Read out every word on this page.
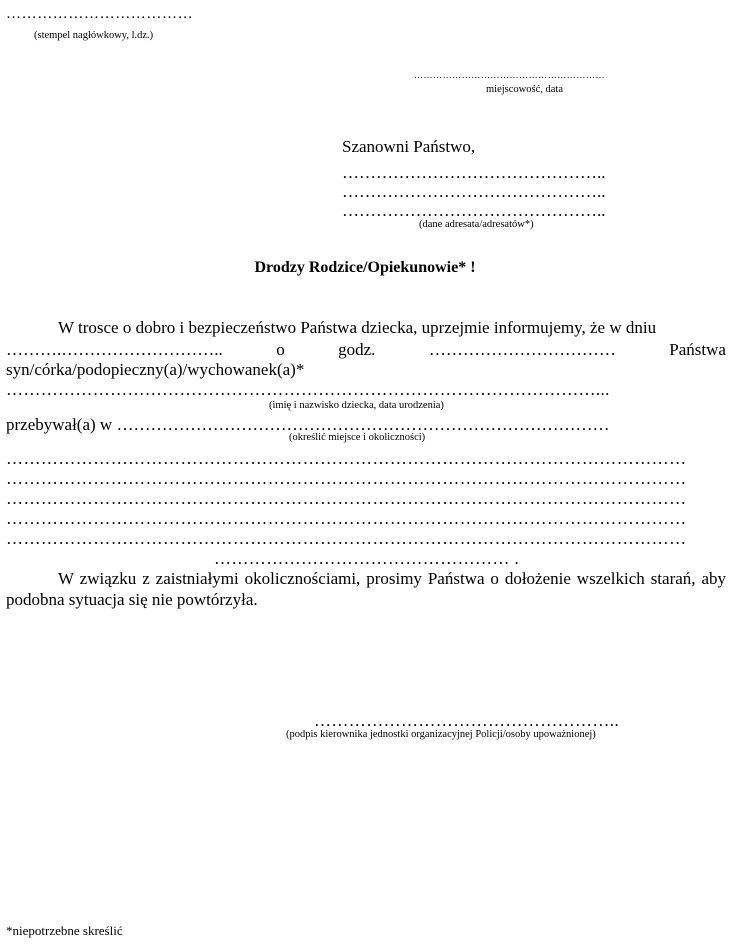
………………………………
(stempel nagłówkowy, l.dz.)
……………………………………………………
miejscowość, data
Szanowni Państwo,
………………………………………..
………………………………………..
………………………………………..
(dane adresata/adresatów*)
Drodzy Rodzice/Opiekunowie* !
W trosce o dobro i bezpieczeństwo Państwa dziecka, uprzejmie informujemy, że w dniu
……….………………………..	o	godz.	……………………………	Państwa
syn/córka/podopieczny(a)/wychowanek(a)*
…………………………………………………………………………………………...
(imię i nazwisko dziecka, data urodzenia)
przebywał(a) w ……………………………………………………………………………
(określić miejsce i okoliczności)
………………………………………………………………………………………………………
………………………………………………………………………………………………………
………………………………………………………………………………………………………
………………………………………………………………………………………………………
………………………………………………………………………………………………………
…………………………………………… .
W związku z zaistniałymi okolicznościami, prosimy Państwa o dołożenie wszelkich starań, aby podobna sytuacja się nie powtórzyła.
……………………………………………..
(podpis kierownika jednostki organizacyjnej Policji/osoby upoważnionej)
*niepotrzebne skreślić
